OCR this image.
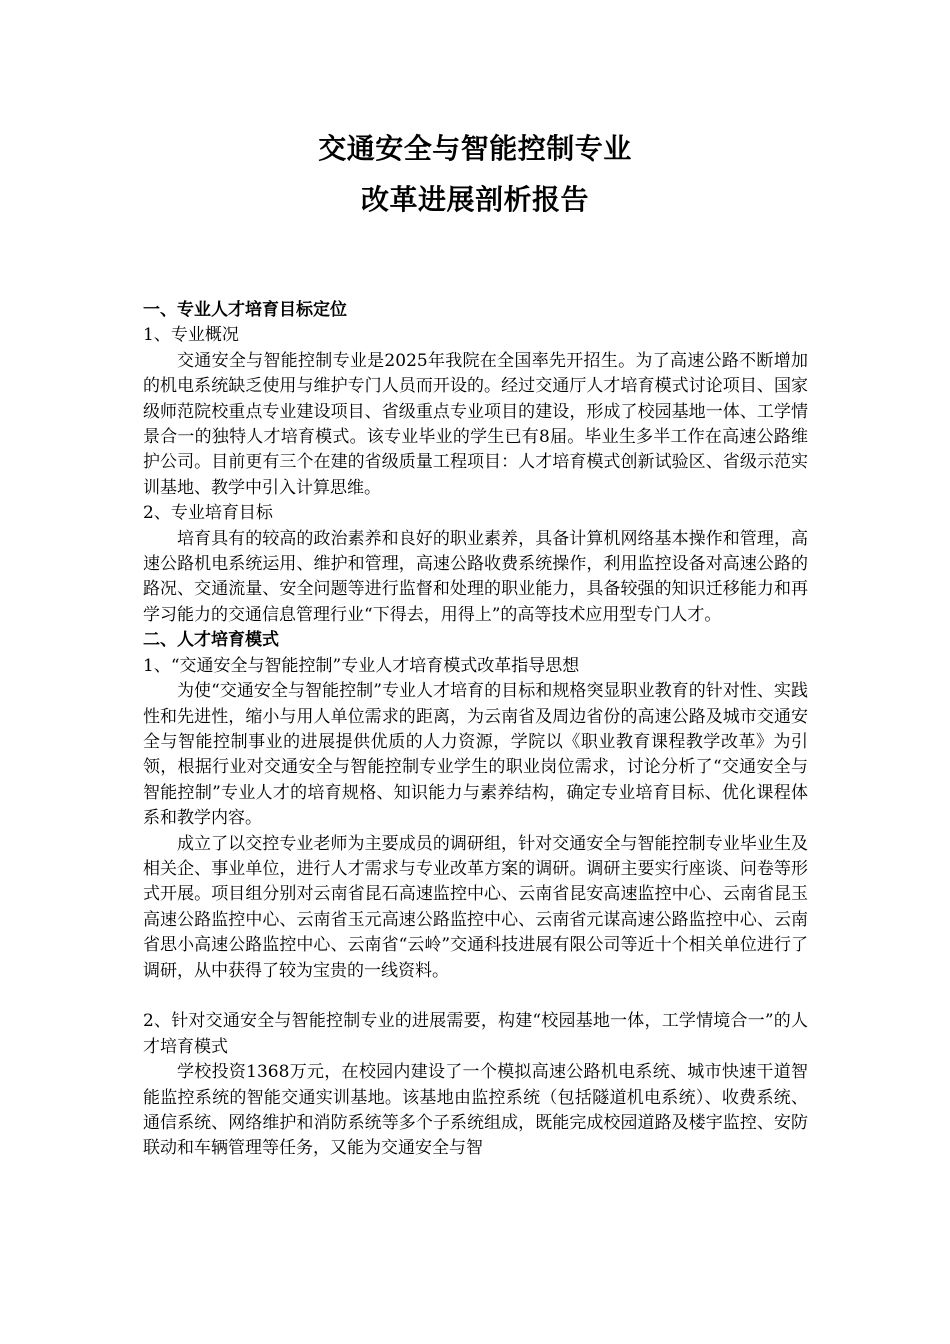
交通安全与智能控制专业
改革进展剖析报告

一、专业人才培育目标定位

1、专业概况

交通安全与智能控制专业是2025年我院在全国率先开招生。为了高速公路不断增加的机电系统缺乏使用与维护专门人员而开设的。经过交通厅人才培育模式讨论项目、国家级师范院校重点专业建设项目、省级重点专业项目的建设，形成了校园基地一体、工学情景合一的独特人才培育模式。该专业毕业的学生已有8届。毕业生多半工作在高速公路维护公司。目前更有三个在建的省级质量工程项目：人才培育模式创新试验区、省级示范实训基地、教学中引入计算思维。

2、专业培育目标

培育具有的较高的政治素养和良好的职业素养，具备计算机网络基本操作和管理，高速公路机电系统运用、维护和管理，高速公路收费系统操作，利用监控设备对高速公路的路况、交通流量、安全问题等进行监督和处理的职业能力，具备较强的知识迁移能力和再学习能力的交通信息管理行业“下得去，用得上”的高等技术应用型专门人才。

二、人才培育模式

1、“交通安全与智能控制”专业人才培育模式改革指导思想

为使“交通安全与智能控制”专业人才培育的目标和规格突显职业教育的针对性、实践性和先进性，缩小与用人单位需求的距离，为云南省及周边省份的高速公路及城市交通安全与智能控制事业的进展提供优质的人力资源，学院以《职业教育课程教学改革》为引领，根据行业对交通安全与智能控制专业学生的职业岗位需求，讨论分析了“交通安全与智能控制”专业人才的培育规格、知识能力与素养结构，确定专业培育目标、优化课程体系和教学内容。

成立了以交控专业老师为主要成员的调研组，针对交通安全与智能控制专业毕业生及相关企、事业单位，进行人才需求与专业改革方案的调研。调研主要实行座谈、问卷等形式开展。项目组分别对云南省昆石高速监控中心、云南省昆安高速监控中心、云南省昆玉高速公路监控中心、云南省玉元高速公路监控中心、云南省元谋高速公路监控中心、云南省思小高速公路监控中心、云南省“云岭”交通科技进展有限公司等近十个相关单位进行了调研，从中获得了较为宝贵的一线资料。

2、针对交通安全与智能控制专业的进展需要，构建“校园基地一体，工学情境合一”的人才培育模式

学校投资1368万元，在校园内建设了一个模拟高速公路机电系统、城市快速干道智能监控系统的智能交通实训基地。该基地由监控系统（包括隧道机电系统）、收费系统、通信系统、网络维护和消防系统等多个子系统组成，既能完成校园道路及楼宇监控、安防联动和车辆管理等任务，又能为交通安全与智
